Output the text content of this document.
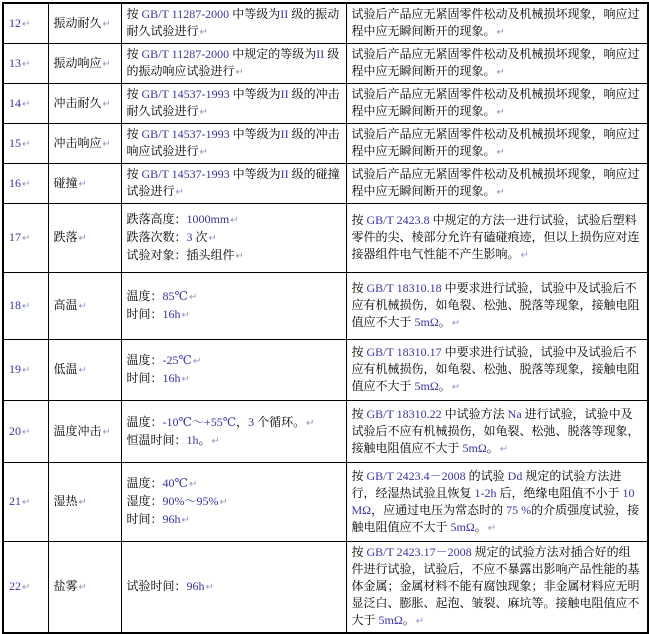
12↵	振动耐久↵	按 GB/T 11287-2000 中等级为II 级的振动耐久试验进行↵	试验后产品应无紧固零件松动及机械损坏现象，响应过程中应无瞬间断开的现象。↵

13↵	振动响应↵	按 GB/T 11287-2000 中规定的等级为II 级的振动响应试验进行↵	试验后产品应无紧固零件松动及机械损坏现象，响应过程中应无瞬间断开的现象。↵

14↵	冲击耐久↵	按 GB/T 14537-1993 中等级为II 级的冲击耐久试验进行↵	试验后产品应无紧固零件松动及机械损坏现象，响应过程中应无瞬间断开的现象。↵

15↵	冲击响应↵	按 GB/T 14537-1993 中等级为II 级的冲击响应试验进行↵	试验后产品应无紧固零件松动及机械损坏现象，响应过程中应无瞬间断开的现象。↵

16↵	碰撞↵	按 GB/T 14537-1993 中等级为II 级的碰撞试验进行↵	试验后产品应无紧固零件松动及机械损坏现象，响应过程中应无瞬间断开的现象。↵

17↵	跌落↵	跌落高度：1000mm↵
跌落次数：3 次↵
试验对象：插头组件↵	按 GB/T 2423.8 中规定的方法一进行试验，试验后塑料零件的尖、棱部分允许有磕碰痕迹，但以上损伤应对连接器组件电气性能不产生影响。↵

18↵	高温↵	温度：85℃↵
时间：16h↵	按 GB/T 18310.18 中要求进行试验，试验中及试验后不应有机械损伤，如龟裂、松弛、脱落等现象，接触电阻值应不大于 5mΩ。↵

19↵	低温↵	温度：-25℃↵
时间：16h↵	按 GB/T 18310.17 中要求进行试验，试验中及试验后不应有机械损伤，如龟裂、松弛、脱落等现象，接触电阻值应不大于 5mΩ。↵

20↵	温度冲击↵	温度：-10℃～+55℃，3 个循环。↵
恒温时间：1h。↵	按 GB/T 18310.22 中试验方法 Na 进行试验，试验中及试验后不应有机械损伤，如龟裂、松弛、脱落等现象，接触电阻值应不大于 5mΩ。↵

21↵	湿热↵	温度：40℃↵
湿度：90%～95%↵
时间：96h↵	按 GB/T 2423.4－2008 的试验 Dd 规定的试验方法进行，经湿热试验且恢复 1-2h 后，绝缘电阻值不小于 10 MΩ，应通过电压为常态时的 75 %的介质强度试验，接触电阻值应不大于 5mΩ。↵

22↵	盐雾↵	试验时间：96h↵	按 GB/T 2423.17－2008 规定的试验方法对插合好的组件进行试验，试验后，不应不暴露出影响产品性能的基体金属；金属材料不能有腐蚀现象；非金属材料应无明显泛白、膨胀、起泡、皱裂、麻坑等。接触电阻值应不大于 5mΩ。↵
